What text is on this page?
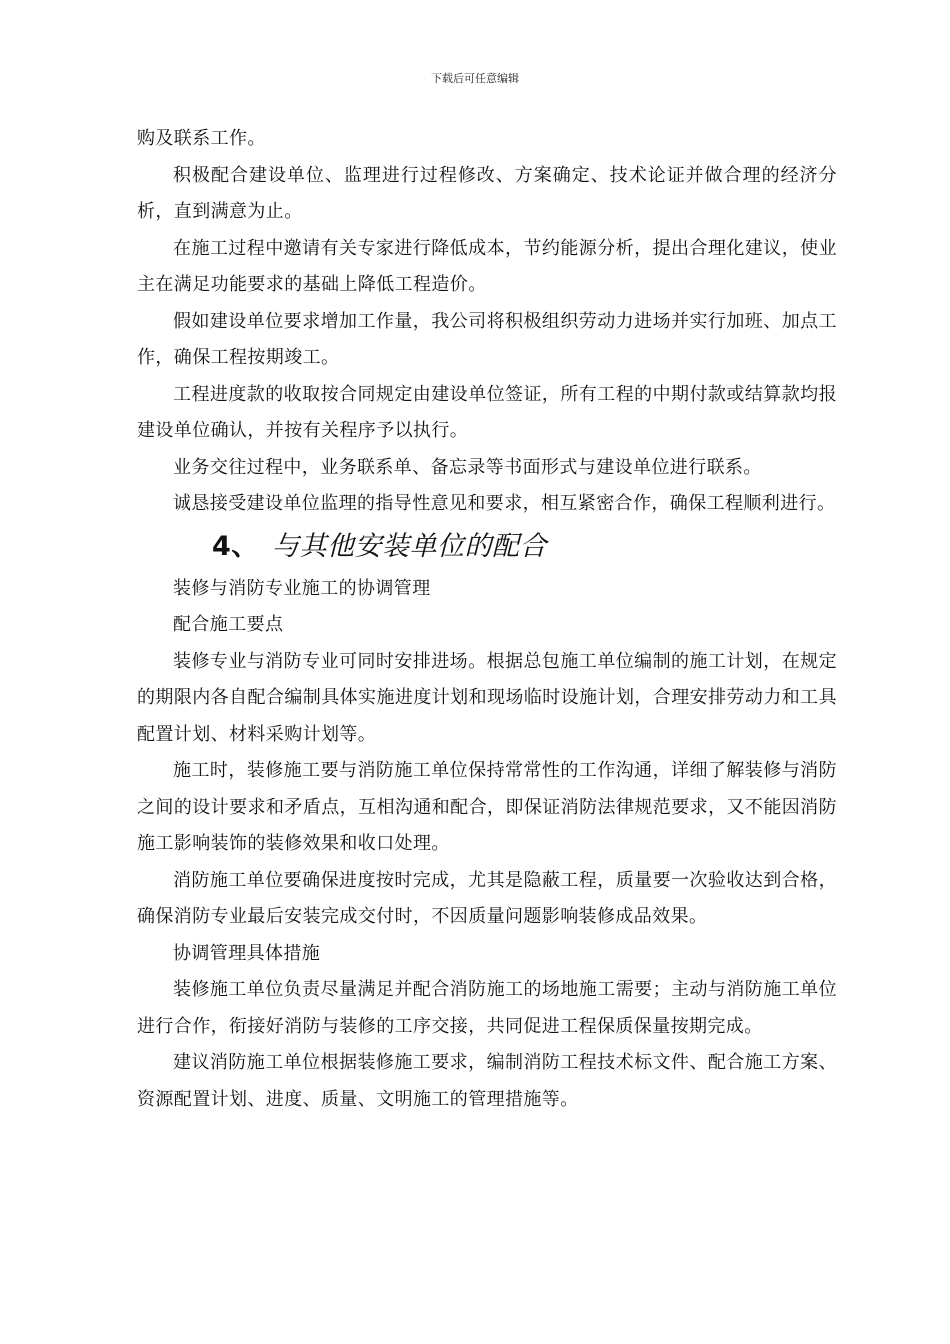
下载后可任意编辑

购及联系工作。

积极配合建设单位、监理进行过程修改、方案确定、技术论证并做合理的经济分析，直到满意为止。

在施工过程中邀请有关专家进行降低成本，节约能源分析，提出合理化建议，使业主在满足功能要求的基础上降低工程造价。

假如建设单位要求增加工作量，我公司将积极组织劳动力进场并实行加班、加点工作，确保工程按期竣工。

工程进度款的收取按合同规定由建设单位签证，所有工程的中期付款或结算款均报建设单位确认，并按有关程序予以执行。

业务交往过程中，业务联系单、备忘录等书面形式与建设单位进行联系。

诚恳接受建设单位监理的指导性意见和要求，相互紧密合作，确保工程顺利进行。

4、 与其他安装单位的配合

装修与消防专业施工的协调管理

配合施工要点

装修专业与消防专业可同时安排进场。根据总包施工单位编制的施工计划，在规定的期限内各自配合编制具体实施进度计划和现场临时设施计划，合理安排劳动力和工具配置计划、材料采购计划等。

施工时，装修施工要与消防施工单位保持常常性的工作沟通，详细了解装修与消防之间的设计要求和矛盾点，互相沟通和配合，即保证消防法律规范要求，又不能因消防施工影响装饰的装修效果和收口处理。

消防施工单位要确保进度按时完成，尤其是隐蔽工程，质量要一次验收达到合格，确保消防专业最后安装完成交付时，不因质量问题影响装修成品效果。

协调管理具体措施

装修施工单位负责尽量满足并配合消防施工的场地施工需要；主动与消防施工单位进行合作，衔接好消防与装修的工序交接，共同促进工程保质保量按期完成。

建议消防施工单位根据装修施工要求，编制消防工程技术标文件、配合施工方案、资源配置计划、进度、质量、文明施工的管理措施等。
